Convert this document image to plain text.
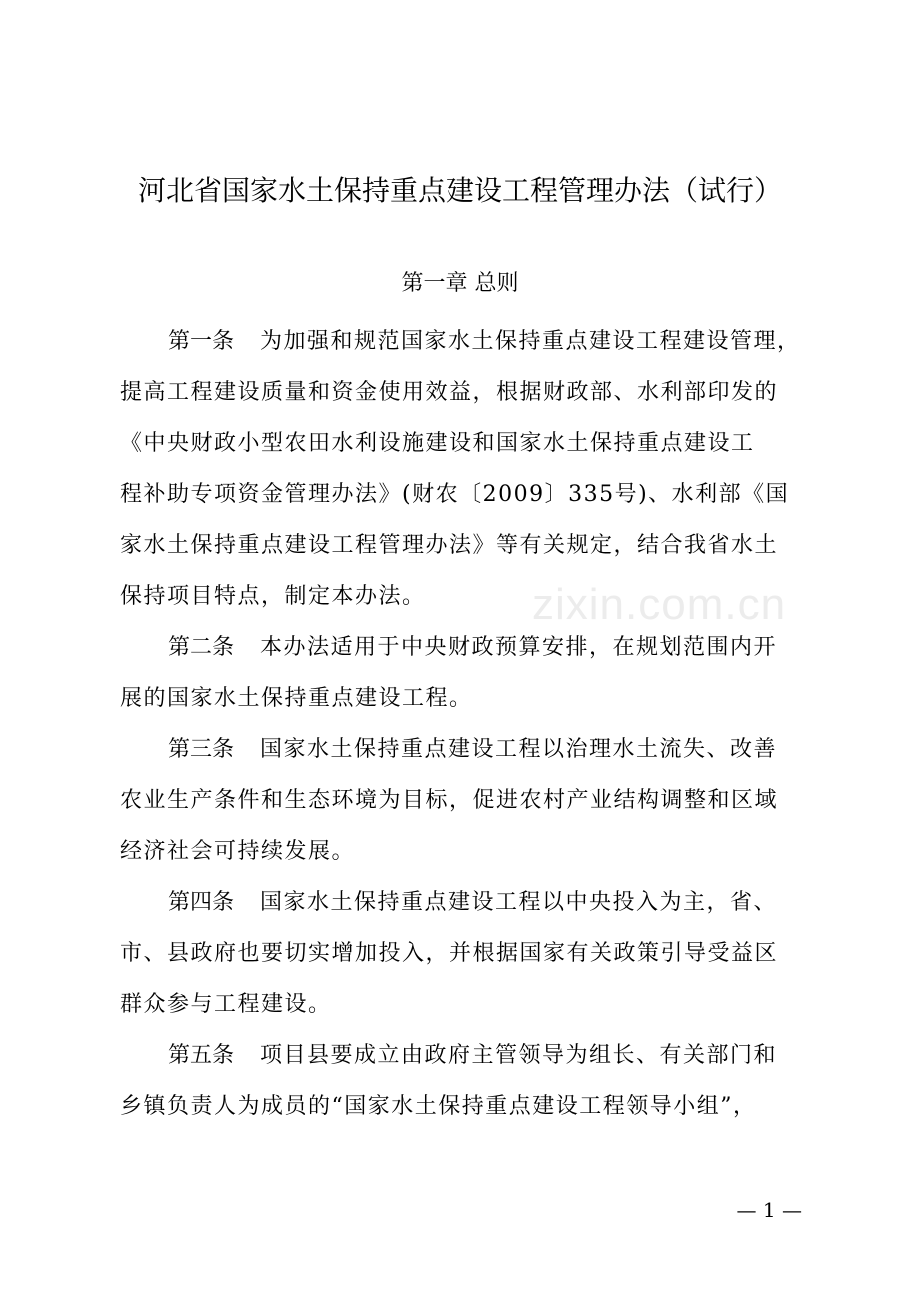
河北省国家水土保持重点建设工程管理办法（试行）
第一章 总则
第一条 为加强和规范国家水土保持重点建设工程建设管理，
提高工程建设质量和资金使用效益，根据财政部、水利部印发的
《中央财政小型农田水利设施建设和国家水土保持重点建设工
程补助专项资金管理办法》(财农〔2009〕335号)、水利部《国
家水土保持重点建设工程管理办法》等有关规定，结合我省水土
保持项目特点，制定本办法。
第二条 本办法适用于中央财政预算安排，在规划范围内开
展的国家水土保持重点建设工程。
第三条 国家水土保持重点建设工程以治理水土流失、改善
农业生产条件和生态环境为目标，促进农村产业结构调整和区域
经济社会可持续发展。
第四条 国家水土保持重点建设工程以中央投入为主，省、
市、县政府也要切实增加投入，并根据国家有关政策引导受益区
群众参与工程建设。
第五条 项目县要成立由政府主管领导为组长、有关部门和
乡镇负责人为成员的“国家水土保持重点建设工程领导小组”，
zixin.com.cn
— 1 —
